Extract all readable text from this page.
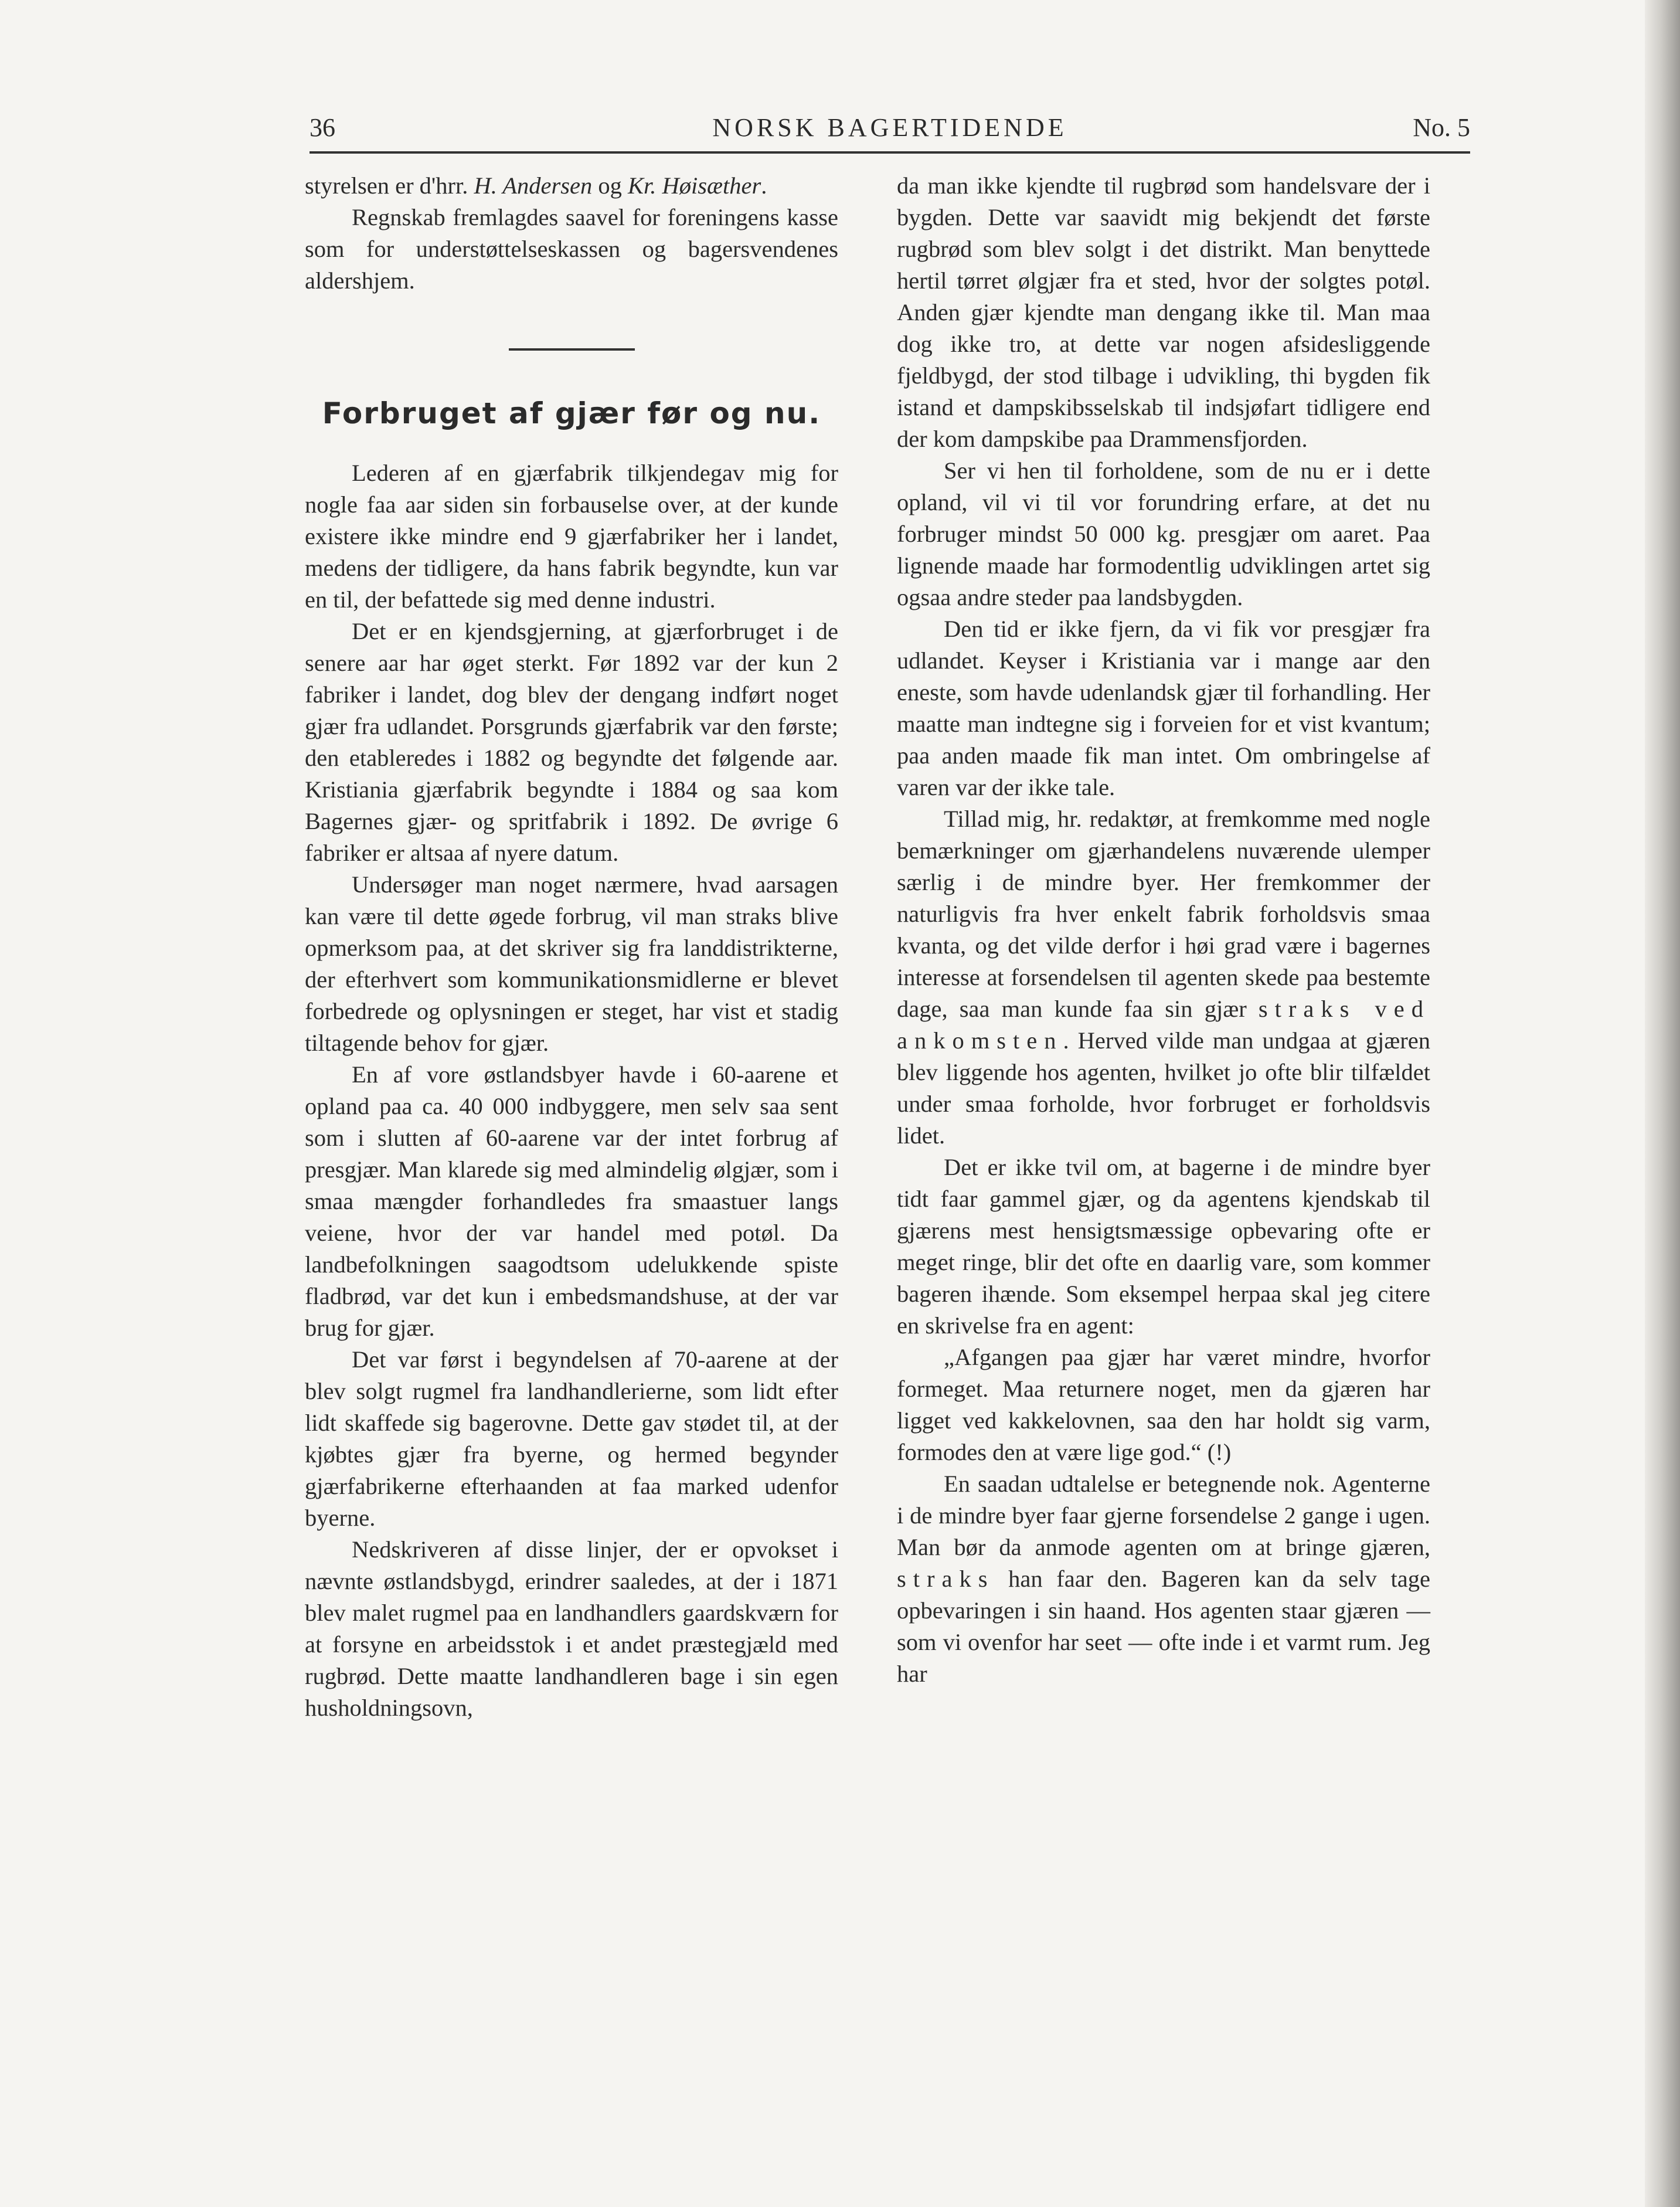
36	NORSK BAGERTIDENDE	No. 5

styrelsen er d'hrr. H. Andersen og Kr. Høisæther.

Regnskab fremlagdes saavel for foreningens kasse som for understøttelseskassen og bagersvendenes aldershjem.

Forbruget af gjær før og nu.

Lederen af en gjærfabrik tilkjendegav mig for nogle faa aar siden sin forbauselse over, at der kunde existere ikke mindre end 9 gjærfabriker her i landet, medens der tidligere, da hans fabrik begyndte, kun var en til, der befattede sig med denne industri.

Det er en kjendsgjerning, at gjærforbruget i de senere aar har øget sterkt. Før 1892 var der kun 2 fabriker i landet, dog blev der dengang indført noget gjær fra udlandet. Porsgrunds gjærfabrik var den første; den etableredes i 1882 og begyndte det følgende aar. Kristiania gjærfabrik begyndte i 1884 og saa kom Bagernes gjær- og spritfabrik i 1892. De øvrige 6 fabriker er altsaa af nyere datum.

Undersøger man noget nærmere, hvad aarsagen kan være til dette øgede forbrug, vil man straks blive opmerksom paa, at det skriver sig fra landdistrikterne, der efterhvert som kommunikationsmidlerne er blevet forbedrede og oplysningen er steget, har vist et stadig tiltagende behov for gjær.

En af vore østlandsbyer havde i 60-aarene et opland paa ca. 40 000 indbyggere, men selv saa sent som i slutten af 60-aarene var der intet forbrug af presgjær. Man klarede sig med almindelig ølgjær, som i smaa mængder forhandledes fra smaastuer langs veiene, hvor der var handel med potøl. Da landbefolkningen saagodtsom udelukkende spiste fladbrød, var det kun i embedsmandshuse, at der var brug for gjær.

Det var først i begyndelsen af 70-aarene at der blev solgt rugmel fra landhandlerierne, som lidt efter lidt skaffede sig bagerovne. Dette gav stødet til, at der kjøbtes gjær fra byerne, og hermed begynder gjærfabrikerne efterhaanden at faa marked udenfor byerne.

Nedskriveren af disse linjer, der er opvokset i nævnte østlandsbygd, erindrer saaledes, at der i 1871 blev malet rugmel paa en landhandlers gaardskværn for at forsyne en arbeidsstok i et andet præstegjæld med rugbrød. Dette maatte landhandleren bage i sin egen husholdningsovn,

da man ikke kjendte til rugbrød som handelsvare der i bygden. Dette var saavidt mig bekjendt det første rugbrød som blev solgt i det distrikt. Man benyttede hertil tørret ølgjær fra et sted, hvor der solgtes potøl. Anden gjær kjendte man dengang ikke til. Man maa dog ikke tro, at dette var nogen afsidesliggende fjeldbygd, der stod tilbage i udvikling, thi bygden fik istand et dampskibsselskab til indsjøfart tidligere end der kom dampskibe paa Drammensfjorden.

Ser vi hen til forholdene, som de nu er i dette opland, vil vi til vor forundring erfare, at det nu forbruger mindst 50 000 kg. presgjær om aaret. Paa lignende maade har formodentlig udviklingen artet sig ogsaa andre steder paa landsbygden.

Den tid er ikke fjern, da vi fik vor presgjær fra udlandet. Keyser i Kristiania var i mange aar den eneste, som havde udenlandsk gjær til forhandling. Her maatte man indtegne sig i forveien for et vist kvantum; paa anden maade fik man intet. Om ombringelse af varen var der ikke tale.

Tillad mig, hr. redaktør, at fremkomme med nogle bemærkninger om gjærhandelens nuværende ulemper særlig i de mindre byer. Her fremkommer der naturligvis fra hver enkelt fabrik forholdsvis smaa kvanta, og det vilde derfor i høi grad være i bagernes interesse at forsendelsen til agenten skede paa bestemte dage, saa man kunde faa sin gjær straks ved ankomsten. Herved vilde man undgaa at gjæren blev liggende hos agenten, hvilket jo ofte blir tilfældet under smaa forholde, hvor forbruget er forholdsvis lidet.

Det er ikke tvil om, at bagerne i de mindre byer tidt faar gammel gjær, og da agentens kjendskab til gjærens mest hensigtsmæssige opbevaring ofte er meget ringe, blir det ofte en daarlig vare, som kommer bageren ihænde. Som eksempel herpaa skal jeg citere en skrivelse fra en agent:

„Afgangen paa gjær har været mindre, hvorfor formeget. Maa returnere noget, men da gjæren har ligget ved kakkelovnen, saa den har holdt sig varm, formodes den at være lige god.“ (!)

En saadan udtalelse er betegnende nok. Agenterne i de mindre byer faar gjerne forsendelse 2 gange i ugen. Man bør da anmode agenten om at bringe gjæren, straks han faar den. Bageren kan da selv tage opbevaringen i sin haand. Hos agenten staar gjæren — som vi ovenfor har seet — ofte inde i et varmt rum. Jeg har
